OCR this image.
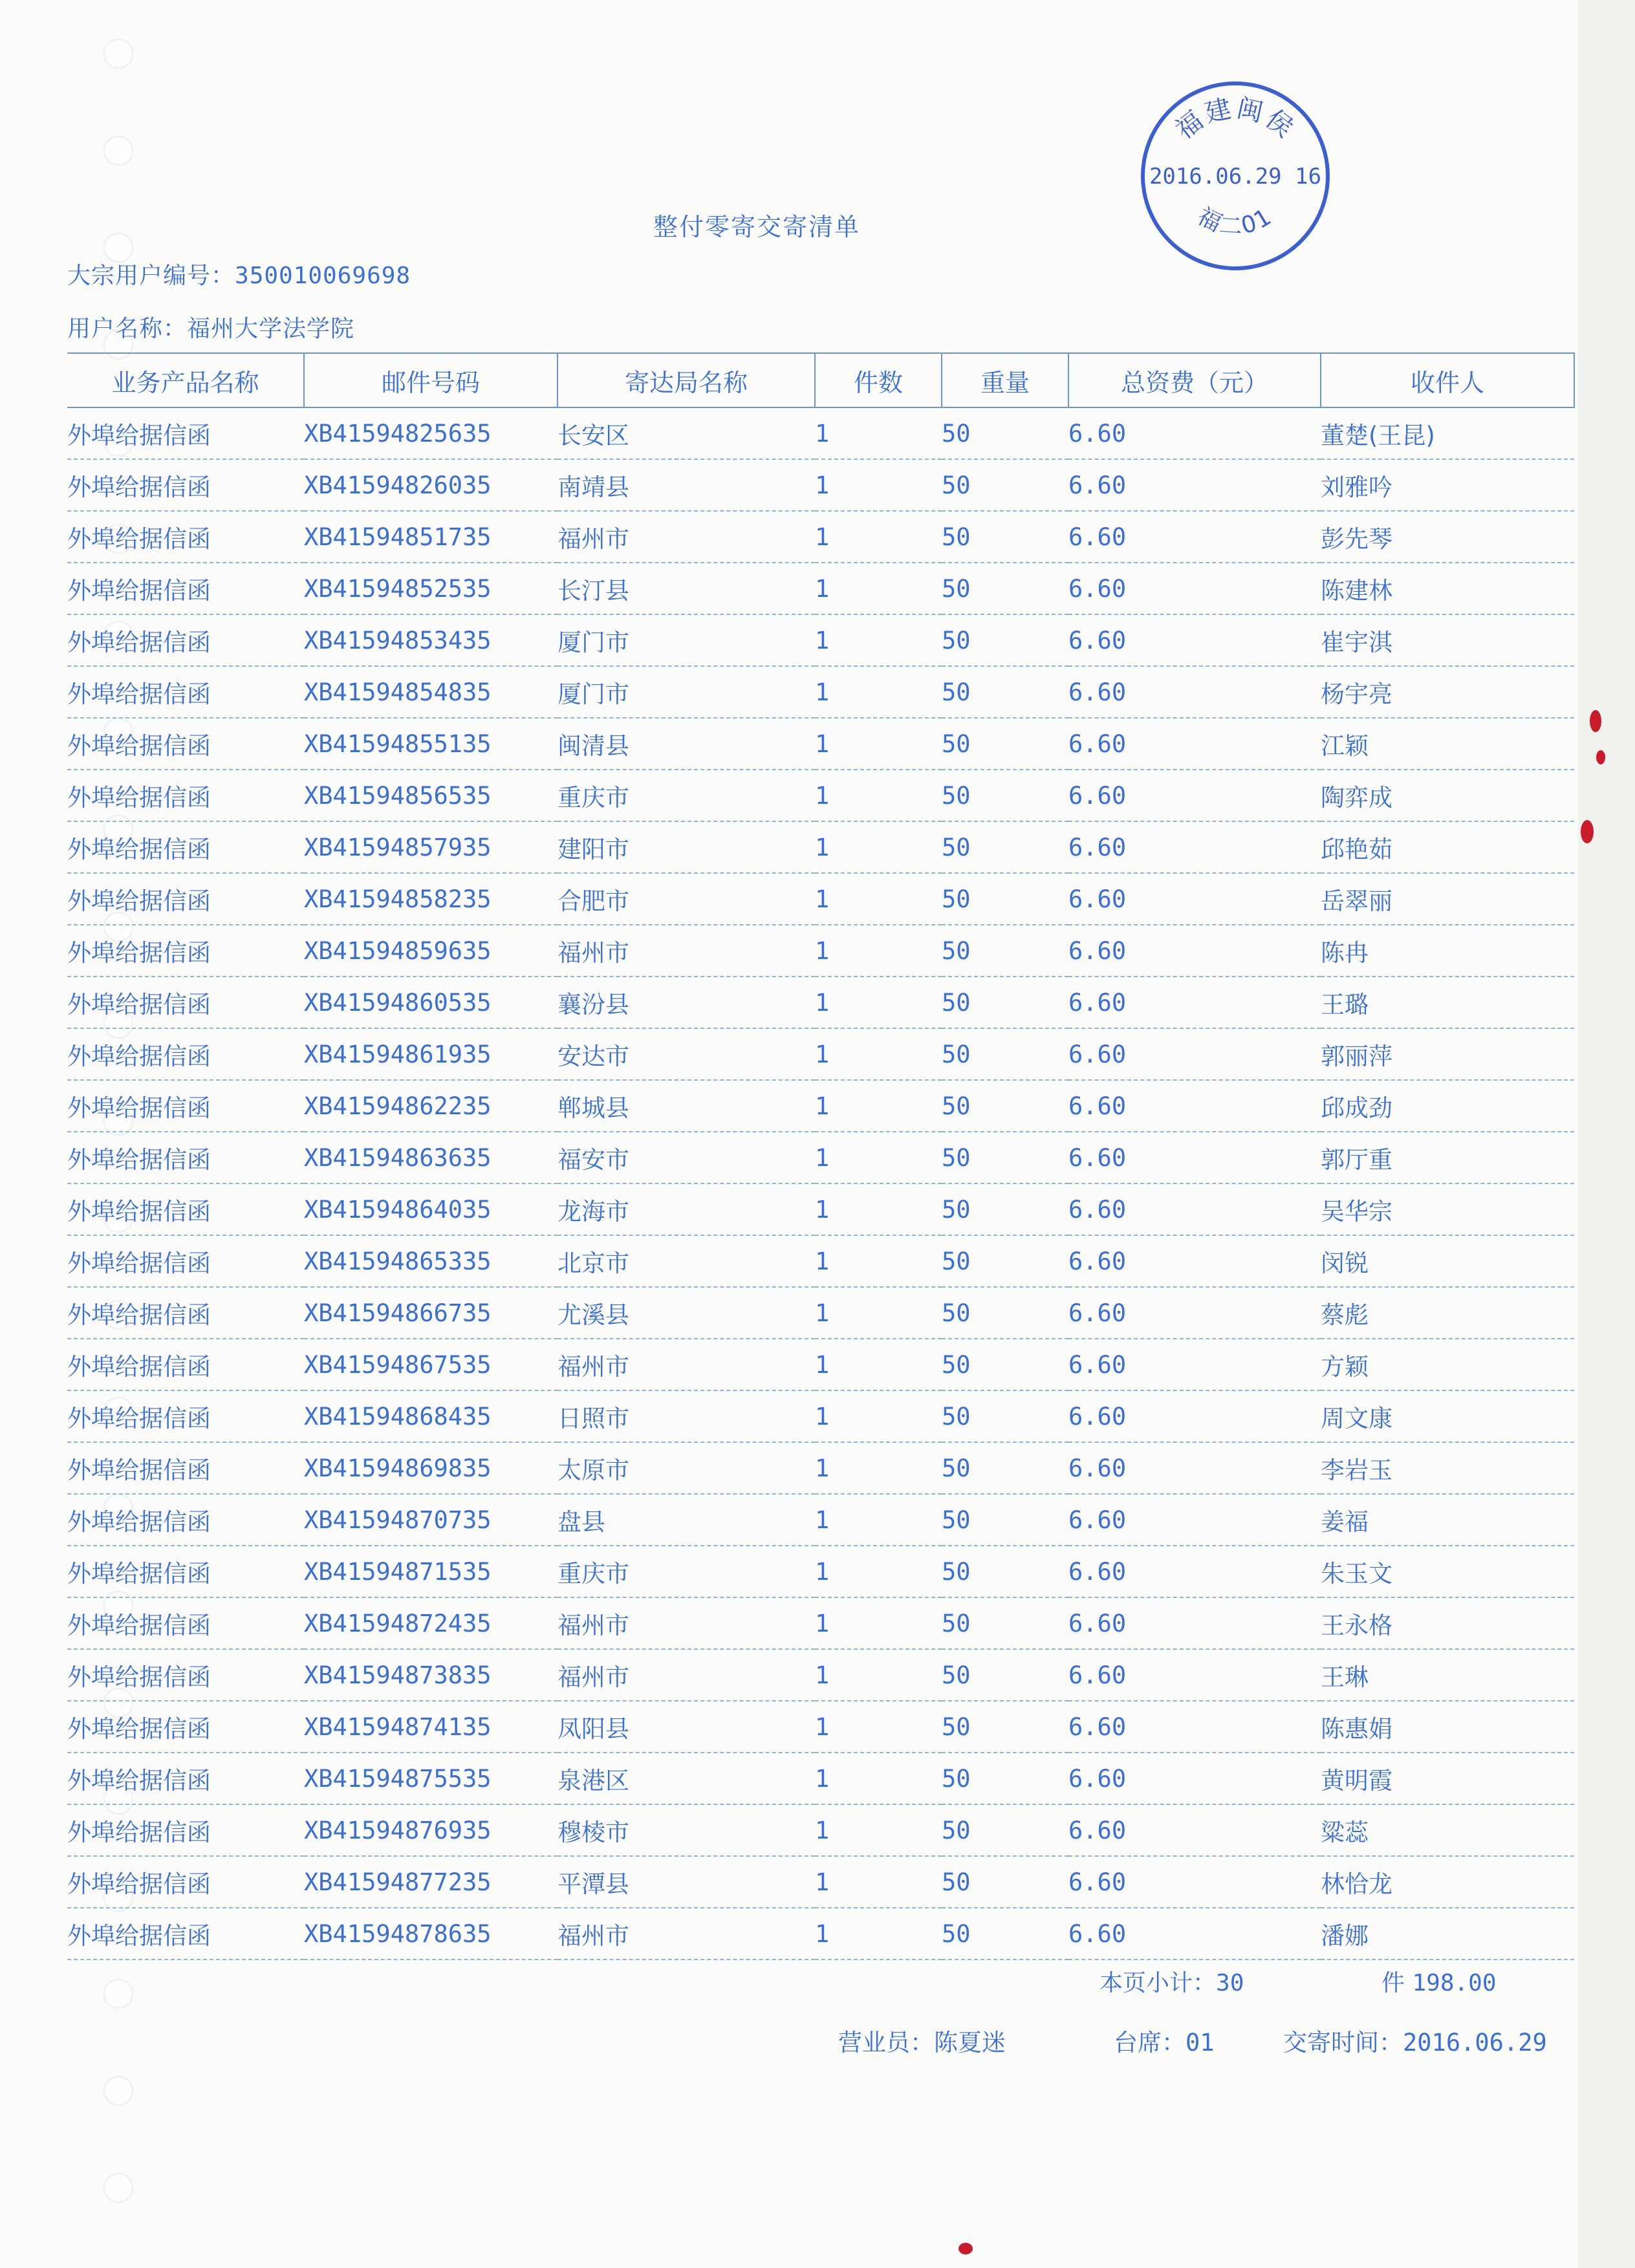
福建闽侯
2016.06.29 16
福二01
整付零寄交寄清单
大宗用户编号：350010069698
用户名称：福州大学法学院
业务产品名称	邮件号码	寄达局名称	件数	重量	总资费（元）	收件人
外埠给据信函	XB41594825635	长安区	1	50	6.60	董楚(王昆)
外埠给据信函	XB41594826035	南靖县	1	50	6.60	刘雅吟
外埠给据信函	XB41594851735	福州市	1	50	6.60	彭先琴
外埠给据信函	XB41594852535	长汀县	1	50	6.60	陈建林
外埠给据信函	XB41594853435	厦门市	1	50	6.60	崔宇淇
外埠给据信函	XB41594854835	厦门市	1	50	6.60	杨宇亮
外埠给据信函	XB41594855135	闽清县	1	50	6.60	江颖
外埠给据信函	XB41594856535	重庆市	1	50	6.60	陶弈成
外埠给据信函	XB41594857935	建阳市	1	50	6.60	邱艳茹
外埠给据信函	XB41594858235	合肥市	1	50	6.60	岳翠丽
外埠给据信函	XB41594859635	福州市	1	50	6.60	陈冉
外埠给据信函	XB41594860535	襄汾县	1	50	6.60	王璐
外埠给据信函	XB41594861935	安达市	1	50	6.60	郭丽萍
外埠给据信函	XB41594862235	郸城县	1	50	6.60	邱成劲
外埠给据信函	XB41594863635	福安市	1	50	6.60	郭厅重
外埠给据信函	XB41594864035	龙海市	1	50	6.60	吴华宗
外埠给据信函	XB41594865335	北京市	1	50	6.60	闵锐
外埠给据信函	XB41594866735	尤溪县	1	50	6.60	蔡彪
外埠给据信函	XB41594867535	福州市	1	50	6.60	方颖
外埠给据信函	XB41594868435	日照市	1	50	6.60	周文康
外埠给据信函	XB41594869835	太原市	1	50	6.60	李岩玉
外埠给据信函	XB41594870735	盘县	1	50	6.60	姜福
外埠给据信函	XB41594871535	重庆市	1	50	6.60	朱玉文
外埠给据信函	XB41594872435	福州市	1	50	6.60	王永格
外埠给据信函	XB41594873835	福州市	1	50	6.60	王琳
外埠给据信函	XB41594874135	凤阳县	1	50	6.60	陈惠娟
外埠给据信函	XB41594875535	泉港区	1	50	6.60	黄明霞
外埠给据信函	XB41594876935	穆棱市	1	50	6.60	粱蕊
外埠给据信函	XB41594877235	平潭县	1	50	6.60	林恰龙
外埠给据信函	XB41594878635	福州市	1	50	6.60	潘娜
本页小计：30	件 198.00
营业员：陈夏迷	台席：01	交寄时间：2016.06.29
